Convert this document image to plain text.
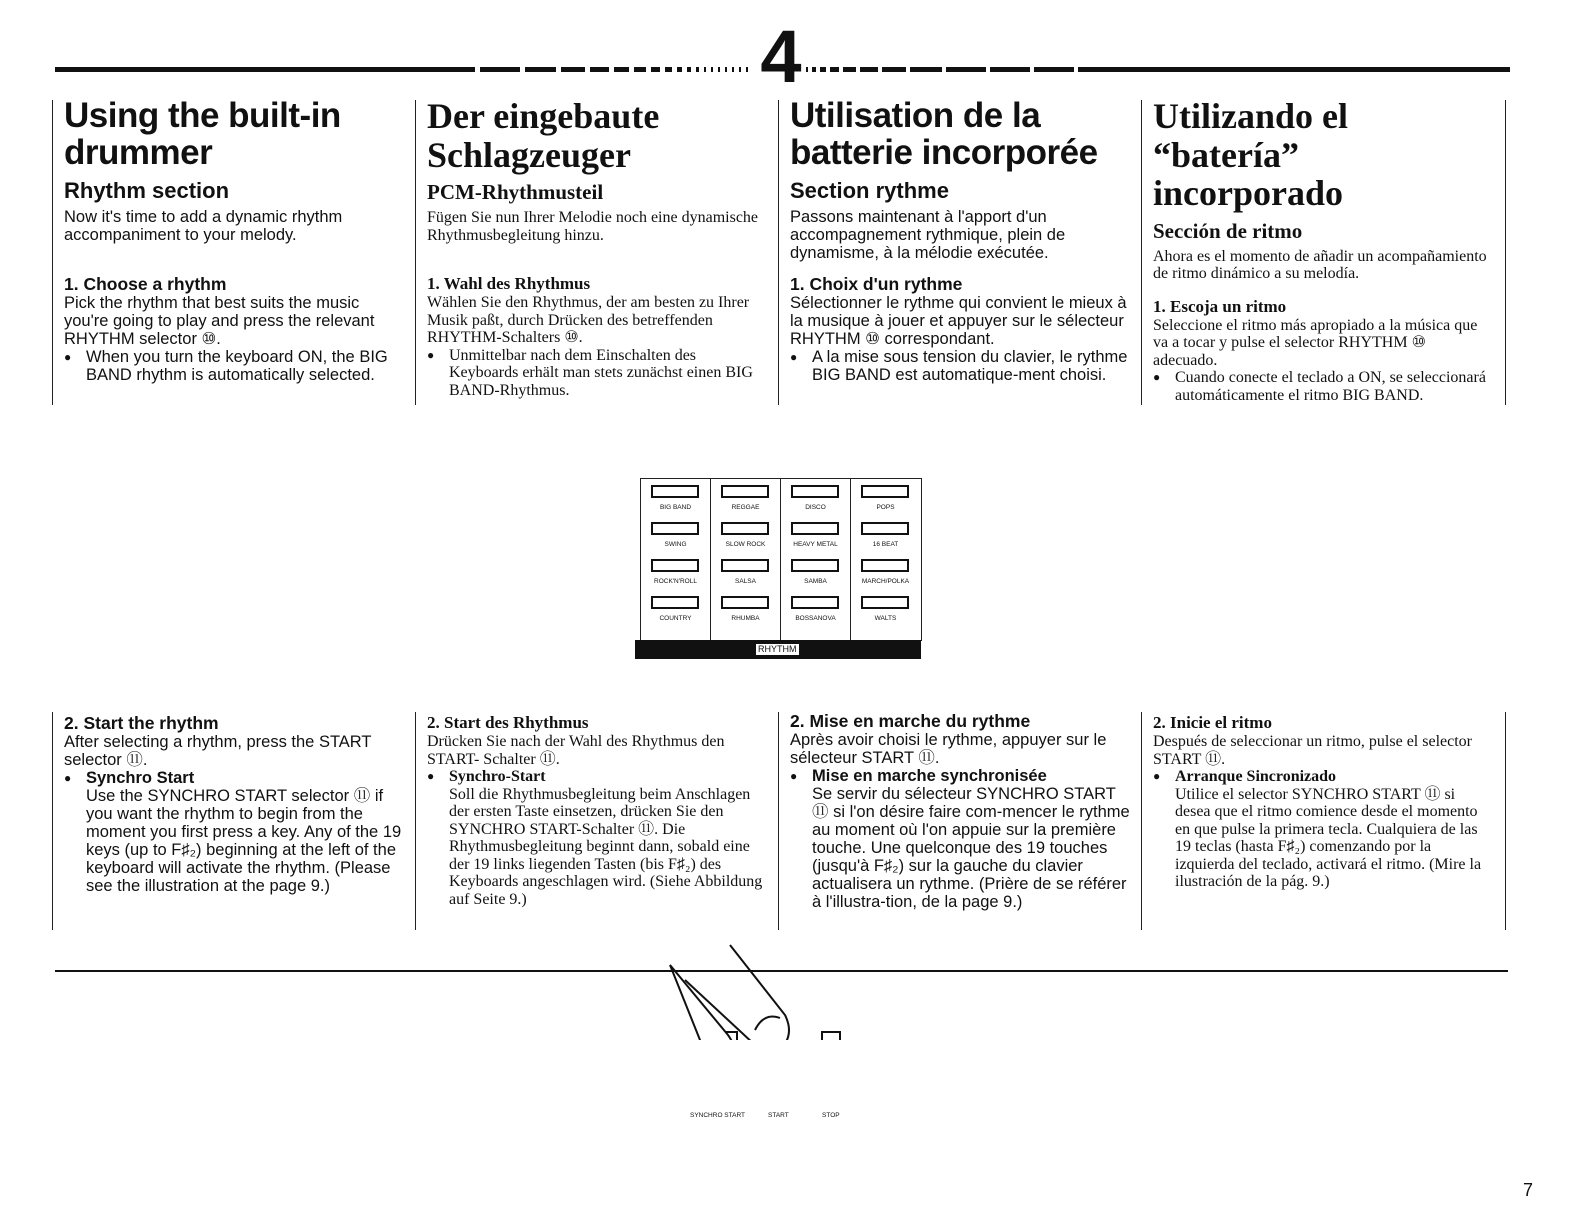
4
Using the built-in drummer
Rhythm section

Now it's time to add a dynamic rhythm accompaniment to your melody.

1. Choose a rhythm

Pick the rhythm that best suits the music you're going to play and press the relevant RHYTHM selector ⑩.

● When you turn the keyboard ON, the BIG BAND rhythm is automatically selected.
Der eingebaute Schlagzeuger
PCM-Rhythmusteil

Fügen Sie nun Ihrer Melodie noch eine dynamische Rhythmusbegleitung hinzu.

1. Wahl des Rhythmus

Wählen Sie den Rhythmus, der am besten zu Ihrer Musik paßt, durch Drücken des betreffenden RHYTHM-Schalters ⑩.

● Unmittelbar nach dem Einschalten des Keyboards erhält man stets zunächst einen BIG BAND-Rhythmus.
Utilisation de la batterie incorporée
Section rythme

Passons maintenant à l'apport d'un accompagnement rythmique, plein de dynamisme, à la mélodie exécutée.

1. Choix d'un rythme

Sélectionner le rythme qui convient le mieux à la musique à jouer et appuyer sur le sélecteur RHYTHM ⑩ correspondant.

● A la mise sous tension du clavier, le rythme BIG BAND est automatique-ment choisi.
Utilizando el “batería” incorporado
Sección de ritmo

Ahora es el momento de añadir un acompañamiento de ritmo dinámico a su melodía.

1. Escoja un ritmo

Seleccione el ritmo más apropiado a la música que va a tocar y pulse el selector RHYTHM ⑩ adecuado.

● Cuando conecte el teclado a ON, se seleccionará automáticamente el ritmo BIG BAND.
BIG BAND
SWING
ROCK'N'ROLL
COUNTRY
REGGAE
SLOW ROCK
SALSA
RHUMBA
DISCO
HEAVY METAL
SAMBA
BOSSANOVA
POPS
16 BEAT
MARCH/POLKA
WALTS
RHYTHM

2. Start the rhythm

After selecting a rhythm, press the START selector ⑪.

● Synchro Start

Use the SYNCHRO START selector ⑪ if you want the rhythm to begin from the moment you first press a key. Any of the 19 keys (up to F♯₂) beginning at the left of the keyboard will activate the rhythm. (Please see the illustration at the page 9.)

2. Start des Rhythmus

Drücken Sie nach der Wahl des Rhythmus den START- Schalter ⑪.

● Synchro-Start

Soll die Rhythmusbegleitung beim Anschlagen der ersten Taste einsetzen, drücken Sie den SYNCHRO START-Schalter ⑪. Die Rhythmusbegleitung beginnt dann, sobald eine der 19 links liegenden Tasten (bis F♯₂) des Keyboards angeschlagen wird. (Siehe Abbildung auf Seite 9.)

2. Mise en marche du rythme

Après avoir choisi le rythme, appuyer sur le sélecteur START ⑪.

● Mise en marche synchronisée

Se servir du sélecteur SYNCHRO START ⑪ si l'on désire faire com-mencer le rythme au moment où l'on appuie sur la première touche. Une quelconque des 19 touches (jusqu'à F♯₂) sur la gauche du clavier actualisera un rythme. (Prière de se référer à l'illustra-tion, de la page 9.)

2. Inicie el ritmo

Después de seleccionar un ritmo, pulse el selector START ⑪.

● Arranque Sincronizado

Utilice el selector SYNCHRO START ⑪ si desea que el ritmo comience desde el momento en que pulse la primera tecla. Cualquiera de las 19 teclas (hasta F♯₂) comenzando por la izquierda del teclado, activará el ritmo. (Mire la ilustración de la pág. 9.)

SYNCHRO START	START	STOP
7
